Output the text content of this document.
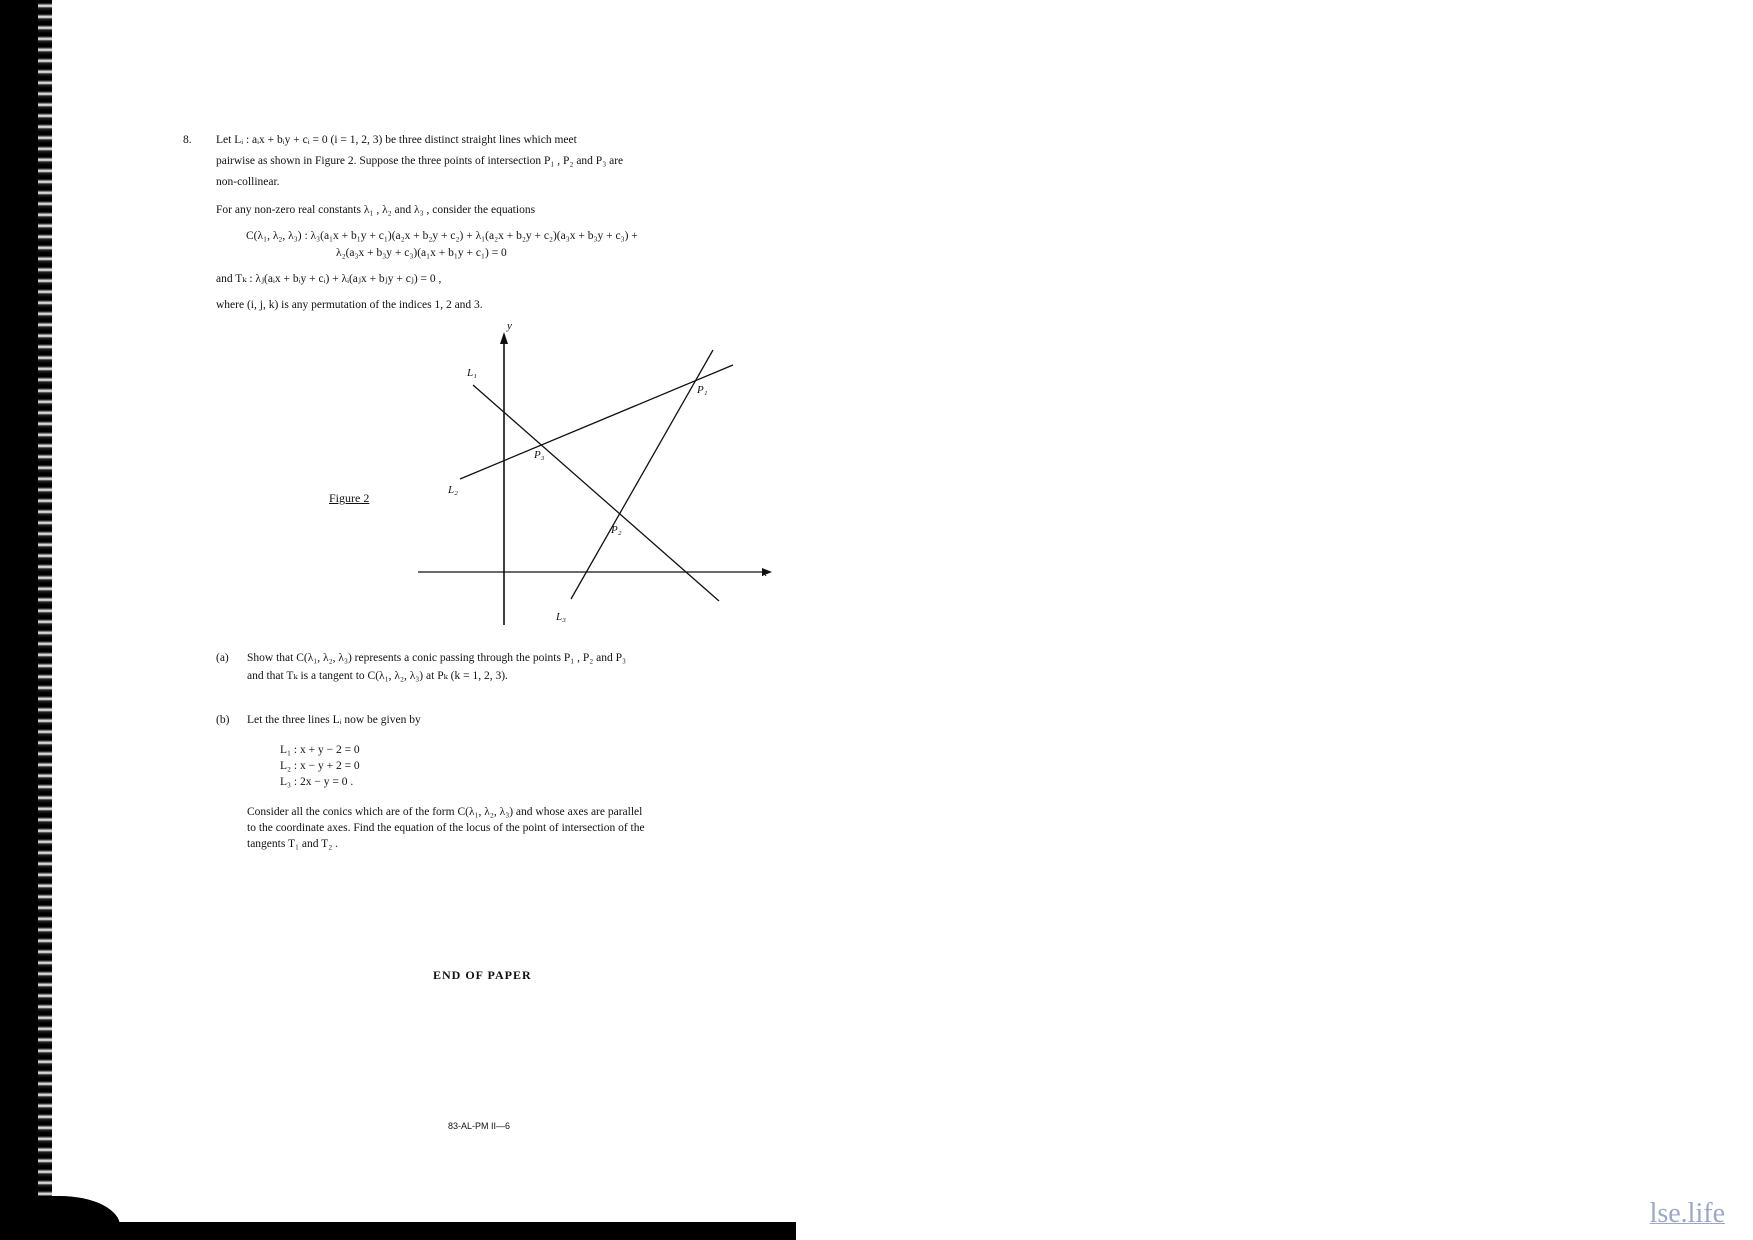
8. Let Lᵢ : aᵢx + bᵢy + cᵢ = 0 (i = 1, 2, 3) be three distinct straight lines which meet
pairwise as shown in Figure 2. Suppose the three points of intersection P₁ , P₂ and P₃ are
non-collinear.
For any non-zero real constants λ₁ , λ₂ and λ₃ , consider the equations
C(λ₁, λ₂, λ₃) : λ₃(a₁x + b₁y + c₁)(a₂x + b₂y + c₂) + λ₁(a₂x + b₂y + c₂)(a₃x + b₃y + c₃) +
λ₂(a₃x + b₃y + c₃)(a₁x + b₁y + c₁) = 0
and Tₖ : λⱼ(aᵢx + bᵢy + cᵢ) + λᵢ(aⱼx + bⱼy + cⱼ) = 0 ,
where (i, j, k) is any permutation of the indices 1, 2 and 3.
Figure 2
y
x
L₁
L₂
L₃
P₁
P₂
P₃
(a) Show that C(λ₁, λ₂, λ₃) represents a conic passing through the points P₁ , P₂ and P₃
and that Tₖ is a tangent to C(λ₁, λ₂, λ₃) at Pₖ (k = 1, 2, 3).
(b) Let the three lines Lᵢ now be given by
L₁ : x + y − 2 = 0
L₂ : x − y + 2 = 0
L₃ : 2x − y = 0 .
Consider all the conics which are of the form C(λ₁, λ₂, λ₃) and whose axes are parallel
to the coordinate axes. Find the equation of the locus of the point of intersection of the
tangents T₁ and T₂ .
END OF PAPER
83-AL-PM II—6
lse.life
